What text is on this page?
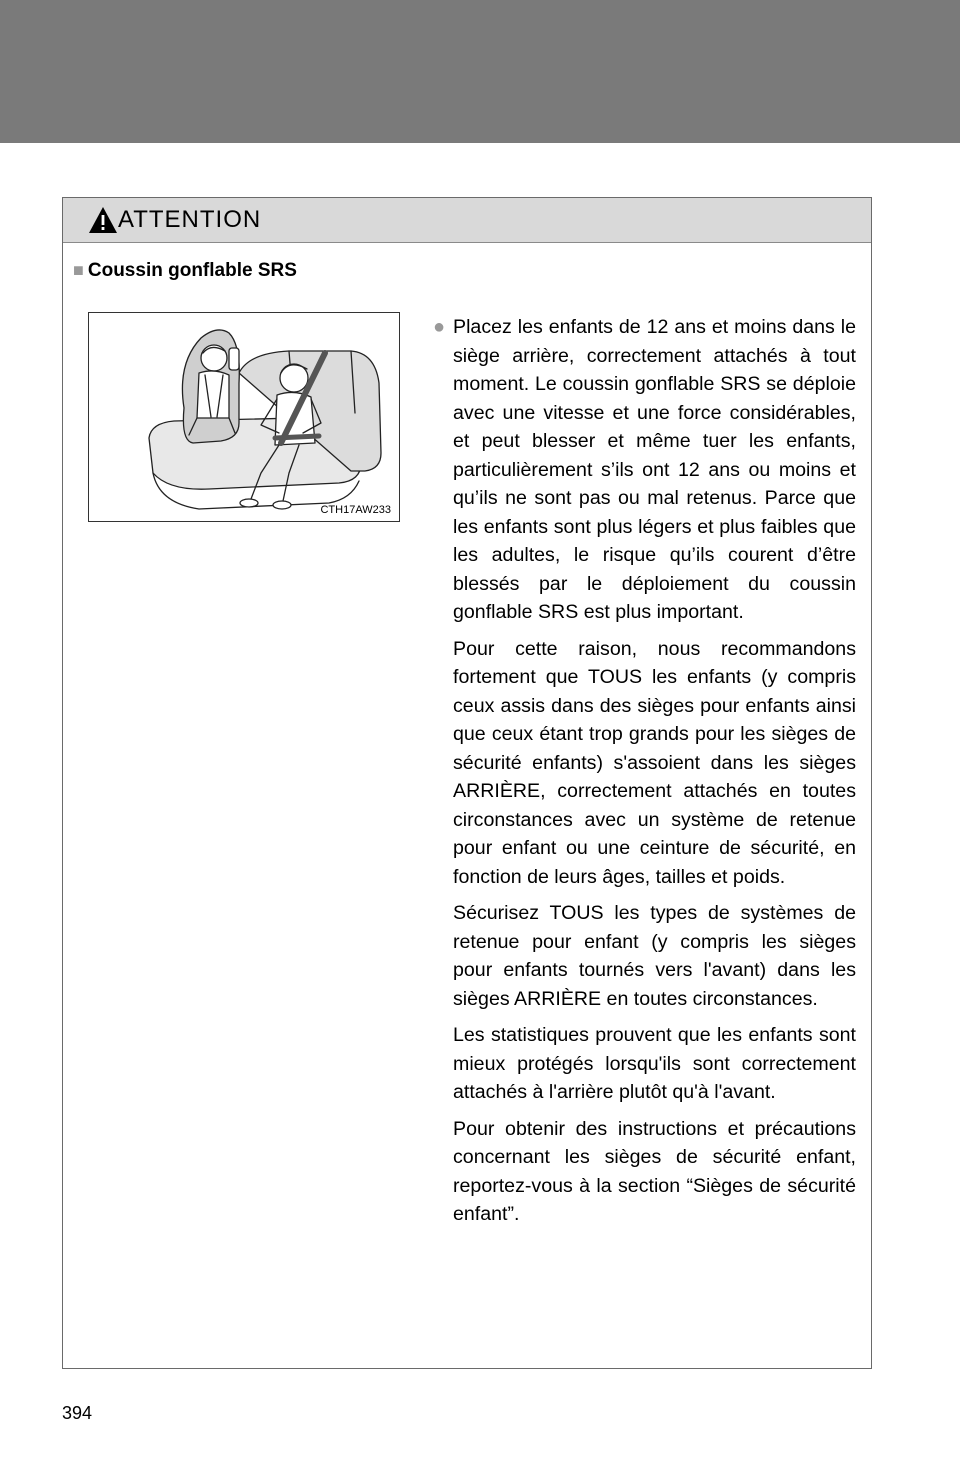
ATTENTION
■ Coussin gonflable SRS
CTH17AW233
● Placez les enfants de 12 ans et moins dans le siège arrière, correctement attachés à tout moment. Le coussin gonflable SRS se déploie avec une vitesse et une force considérables, et peut blesser et même tuer les enfants, particulièrement s’ils ont 12 ans ou moins et qu’ils ne sont pas ou mal retenus. Parce que les enfants sont plus légers et plus faibles que les adultes, le risque qu’ils courent d’être blessés par le déploiement du coussin gonflable SRS est plus important.

Pour cette raison, nous recommandons fortement que TOUS les enfants (y compris ceux assis dans des sièges pour enfants ainsi que ceux étant trop grands pour les sièges de sécurité enfants) s'assoient dans les sièges ARRIÈRE, correctement attachés en toutes circonstances avec un système de retenue pour enfant ou une ceinture de sécurité, en fonction de leurs âges, tailles et poids.

Sécurisez TOUS les types de systèmes de retenue pour enfant (y compris les sièges pour enfants tournés vers l'avant) dans les sièges ARRIÈRE en toutes circonstances.

Les statistiques prouvent que les enfants sont mieux protégés lorsqu'ils sont correctement attachés à l'arrière plutôt qu'à l'avant.

Pour obtenir des instructions et précautions concernant les sièges de sécurité enfant, reportez-vous à la section “Sièges de sécurité enfant”.

394
